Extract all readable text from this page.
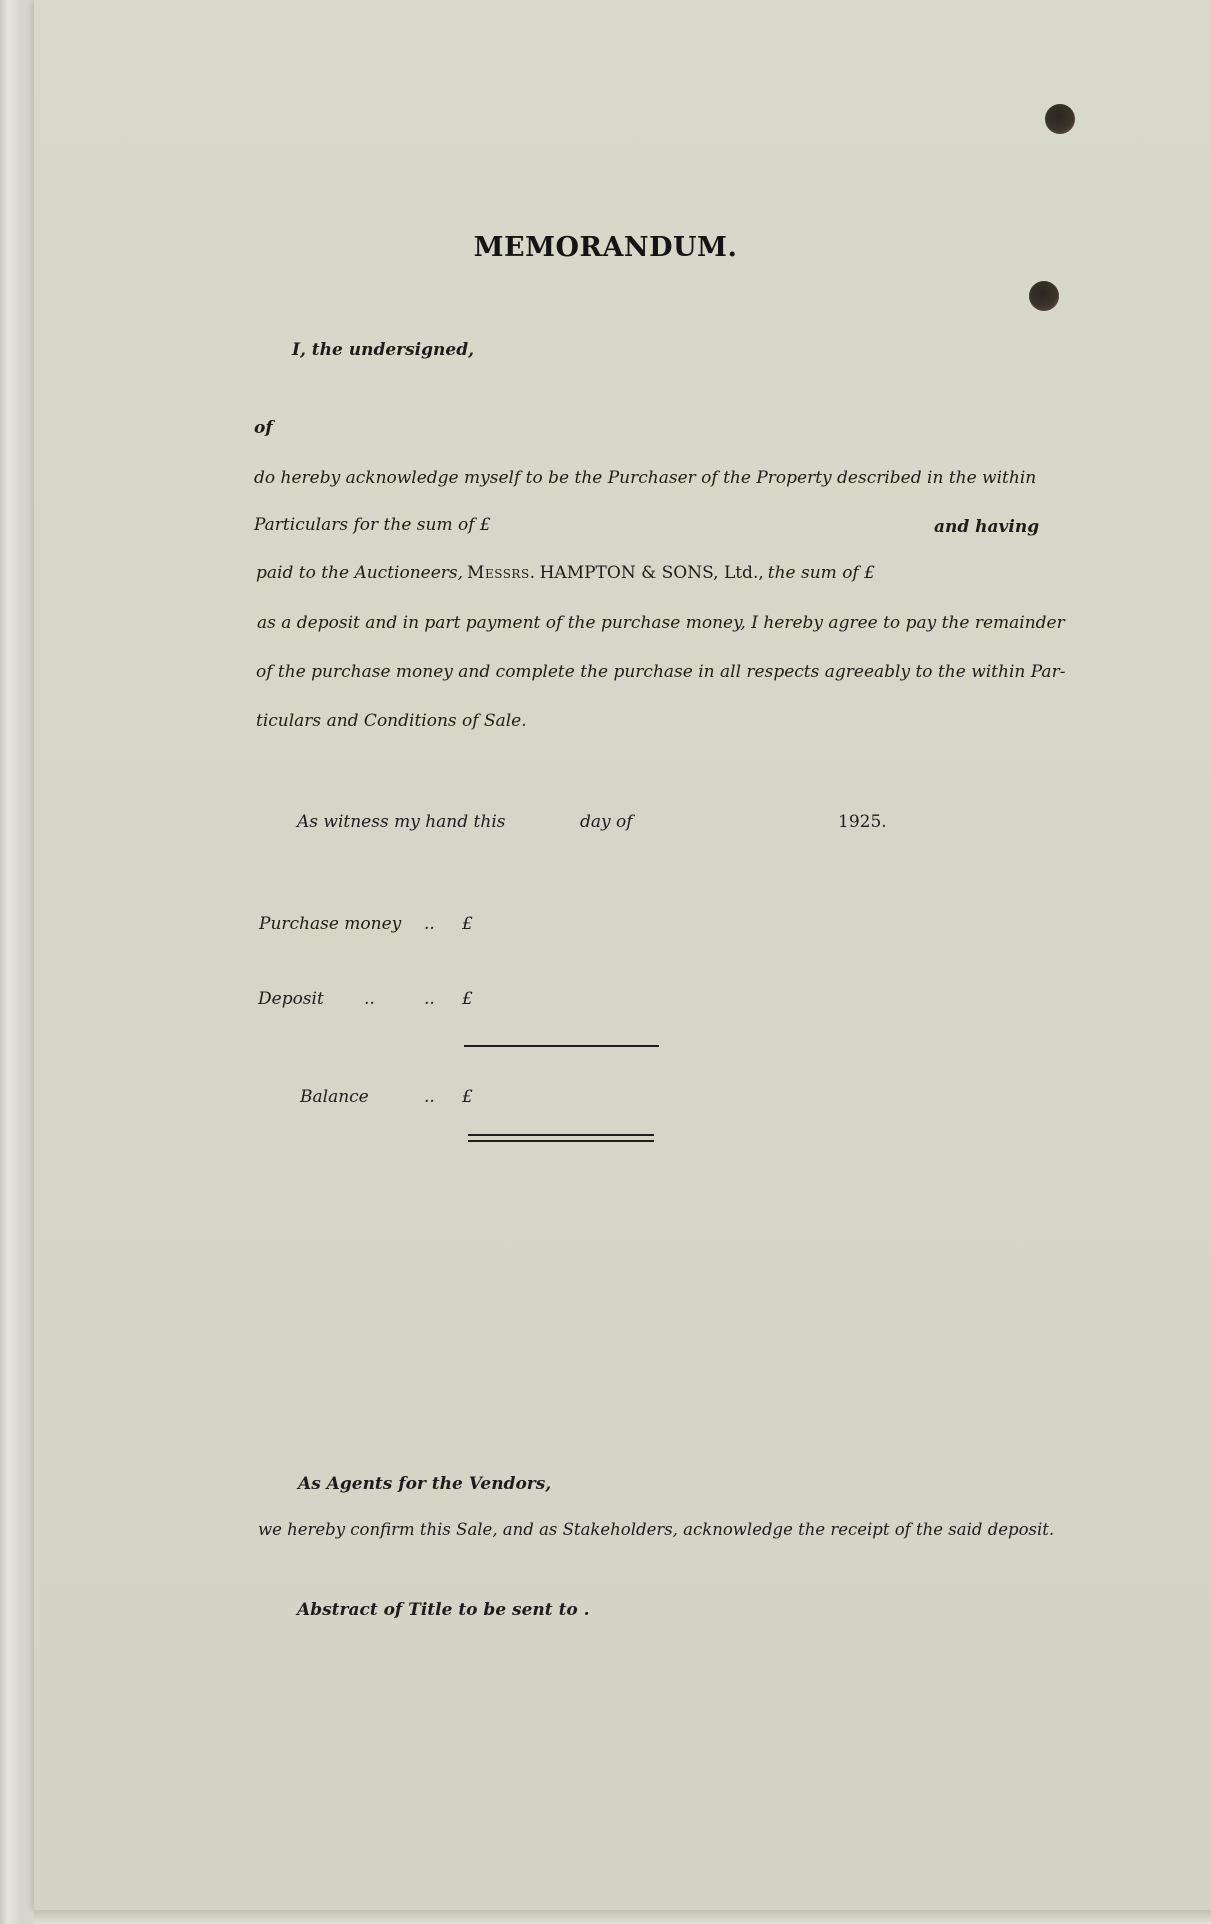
MEMORANDUM.
I, the undersigned,
of
do hereby acknowledge myself to be the Purchaser of the Property described in the within
Particulars for the sum of £	and having
paid to the Auctioneers, Messrs. HAMPTON & SONS, Ltd., the sum of £
as a deposit and in part payment of the purchase money, I hereby agree to pay the remainder
of the purchase money and complete the purchase in all respects agreeably to the within Par-
ticulars and Conditions of Sale.
As witness my hand this	day of	1925.
Purchase money .. £
Deposit ..	.. £
Balance	.. £
As Agents for the Vendors,
we hereby confirm this Sale, and as Stakeholders, acknowledge the receipt of the said deposit.
Abstract of Title to be sent to .
